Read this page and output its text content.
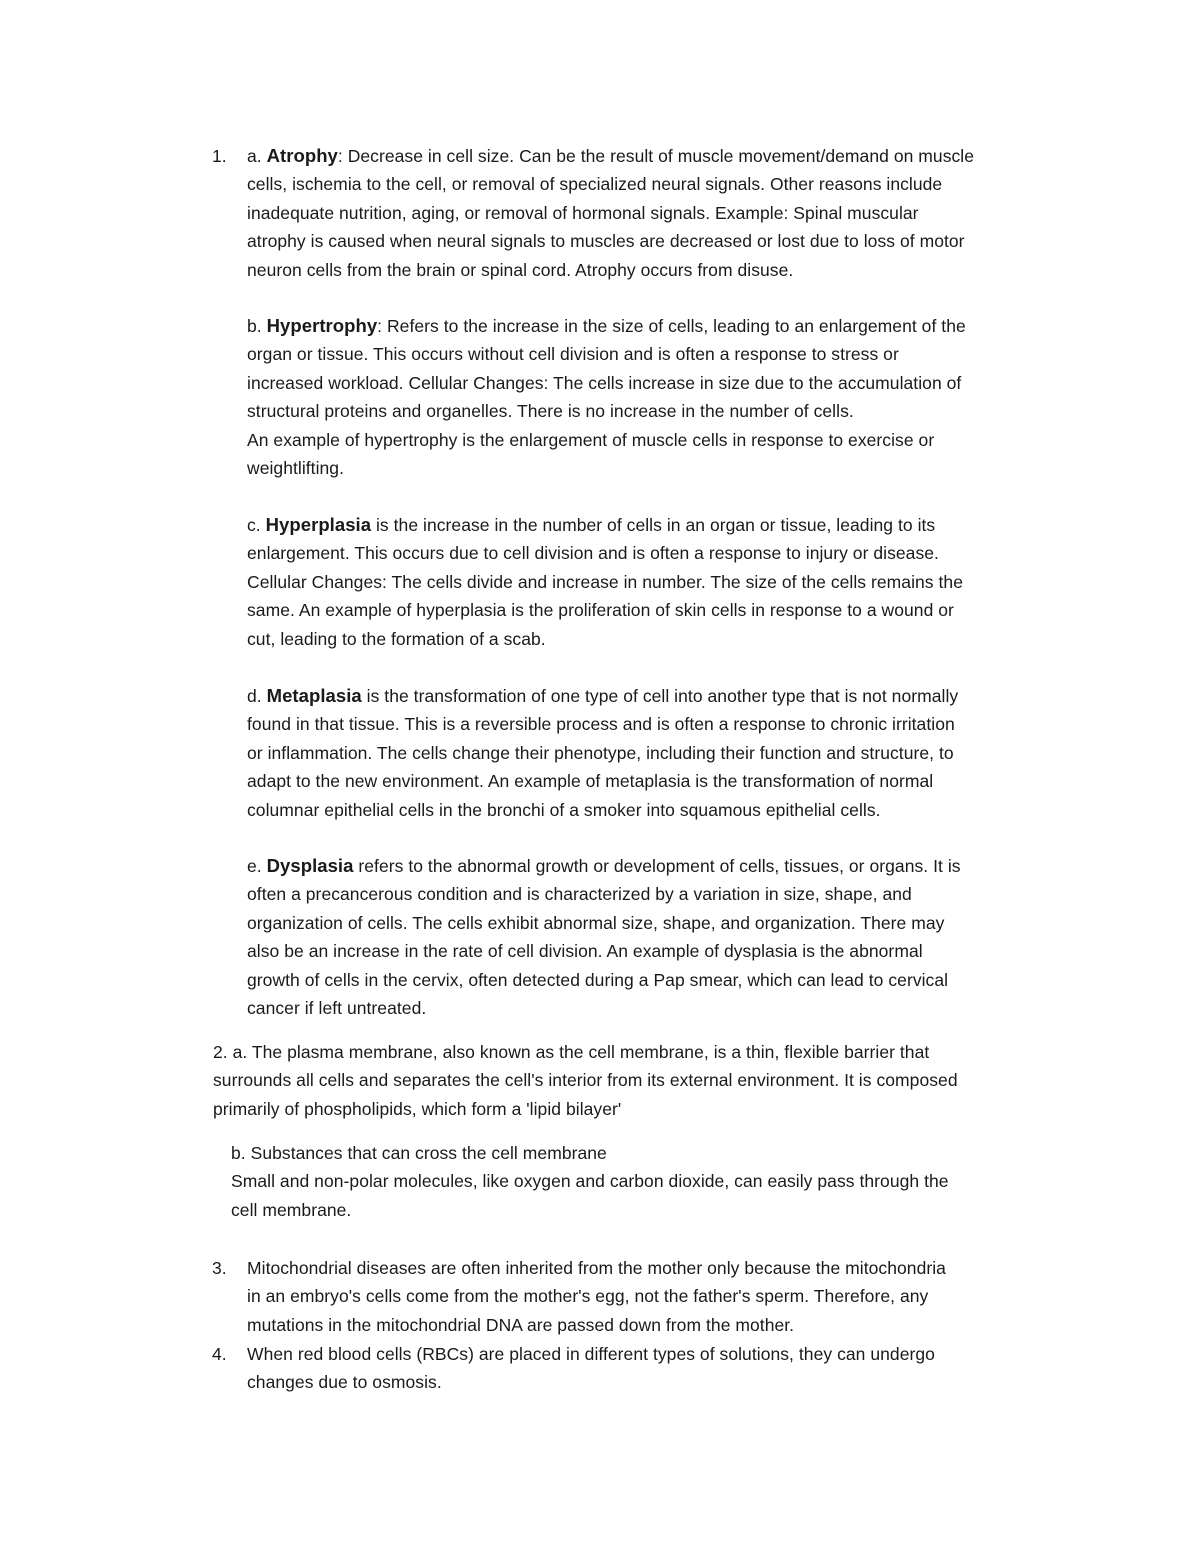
1. a. Atrophy: Decrease in cell size. Can be the result of muscle movement/demand on muscle
cells, ischemia to the cell, or removal of specialized neural signals. Other reasons include
inadequate nutrition, aging, or removal of hormonal signals. Example: Spinal muscular
atrophy is caused when neural signals to muscles are decreased or lost due to loss of motor
neuron cells from the brain or spinal cord. Atrophy occurs from disuse.
b. Hypertrophy: Refers to the increase in the size of cells, leading to an enlargement of the
organ or tissue. This occurs without cell division and is often a response to stress or
increased workload. Cellular Changes: The cells increase in size due to the accumulation of
structural proteins and organelles. There is no increase in the number of cells.
An example of hypertrophy is the enlargement of muscle cells in response to exercise or
weightlifting.
c. Hyperplasia is the increase in the number of cells in an organ or tissue, leading to its
enlargement. This occurs due to cell division and is often a response to injury or disease.
Cellular Changes: The cells divide and increase in number. The size of the cells remains the
same. An example of hyperplasia is the proliferation of skin cells in response to a wound or
cut, leading to the formation of a scab.
d. Metaplasia is the transformation of one type of cell into another type that is not normally
found in that tissue. This is a reversible process and is often a response to chronic irritation
or inflammation. The cells change their phenotype, including their function and structure, to
adapt to the new environment. An example of metaplasia is the transformation of normal
columnar epithelial cells in the bronchi of a smoker into squamous epithelial cells.
e. Dysplasia refers to the abnormal growth or development of cells, tissues, or organs. It is
often a precancerous condition and is characterized by a variation in size, shape, and
organization of cells. The cells exhibit abnormal size, shape, and organization. There may
also be an increase in the rate of cell division. An example of dysplasia is the abnormal
growth of cells in the cervix, often detected during a Pap smear, which can lead to cervical
cancer if left untreated.
2. a. The plasma membrane, also known as the cell membrane, is a thin, flexible barrier that
surrounds all cells and separates the cell's interior from its external environment. It is composed
primarily of phospholipids, which form a 'lipid bilayer'
b. Substances that can cross the cell membrane
Small and non-polar molecules, like oxygen and carbon dioxide, can easily pass through the
cell membrane.
3. Mitochondrial diseases are often inherited from the mother only because the mitochondria
in an embryo's cells come from the mother's egg, not the father's sperm. Therefore, any
mutations in the mitochondrial DNA are passed down from the mother.
4. When red blood cells (RBCs) are placed in different types of solutions, they can undergo
changes due to osmosis.
